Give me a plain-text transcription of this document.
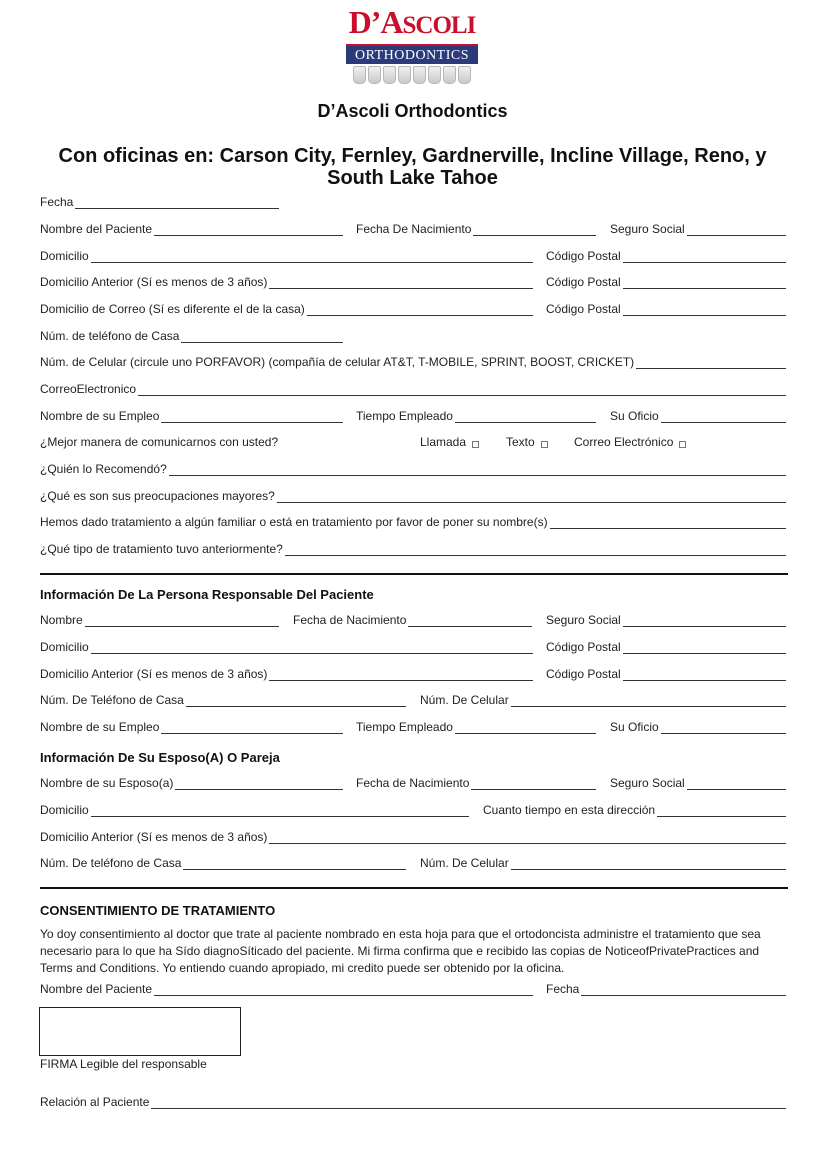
D’ASCOLI
ORTHODONTICS
D’Ascoli Orthodontics
Con oficinas en: Carson City, Fernley, Gardnerville, Incline Village, Reno, y
South Lake Tahoe
Fecha
Nombre del Paciente	Fecha De Nacimiento	Seguro Social
Domicilio	Código Postal
Domicilio Anterior (Sí es menos de 3 años)	Código Postal
Domicilio de Correo (Sí es diferente el de la casa)	Código Postal
Núm. de teléfono de Casa
Núm. de Celular (circule uno PORFAVOR) (compañía de celular AT&T, T-MOBILE, SPRINT, BOOST, CRICKET)
CorreoElectronico
Nombre de su Empleo	Tiempo Empleado	Su Oficio
¿Mejor manera de comunicarnos con usted?	Llamada	Texto	Correo Electrónico
¿Quién lo Recomendó?
¿Qué es son sus preocupaciones mayores?
Hemos dado tratamiento a algún familiar o está en tratamiento por favor de poner su nombre(s)
¿Qué tipo de tratamiento tuvo anteriormente?
Información De La Persona Responsable Del Paciente
Nombre	Fecha de Nacimiento	Seguro Social
Domicilio	Código Postal
Domicilio Anterior (Sí es menos de 3 años)	Código Postal
Núm. De Teléfono de Casa	Núm. De Celular
Nombre de su Empleo	Tiempo Empleado	Su Oficio
Información De Su Esposo(A) O Pareja
Nombre de su Esposo(a)	Fecha de Nacimiento	Seguro Social
Domicilio	Cuanto tiempo en esta dirección
Domicilio Anterior (Sí es menos de 3 años)
Núm. De teléfono de Casa	Núm. De Celular
CONSENTIMIENTO DE TRATAMIENTO
Yo doy consentimiento al doctor que trate al paciente nombrado en esta hoja para que el ortodoncista administre el tratamiento que sea necesario para lo que ha Sído diagnoSíticado del paciente. Mi firma confirma que e recibido las copias de NoticeofPrivatePractices and Terms and Conditions. Yo entiendo cuando apropiado, mi credito puede ser obtenido por la oficina.
Nombre del Paciente	Fecha
FIRMA Legible del responsable
Relación al Paciente
